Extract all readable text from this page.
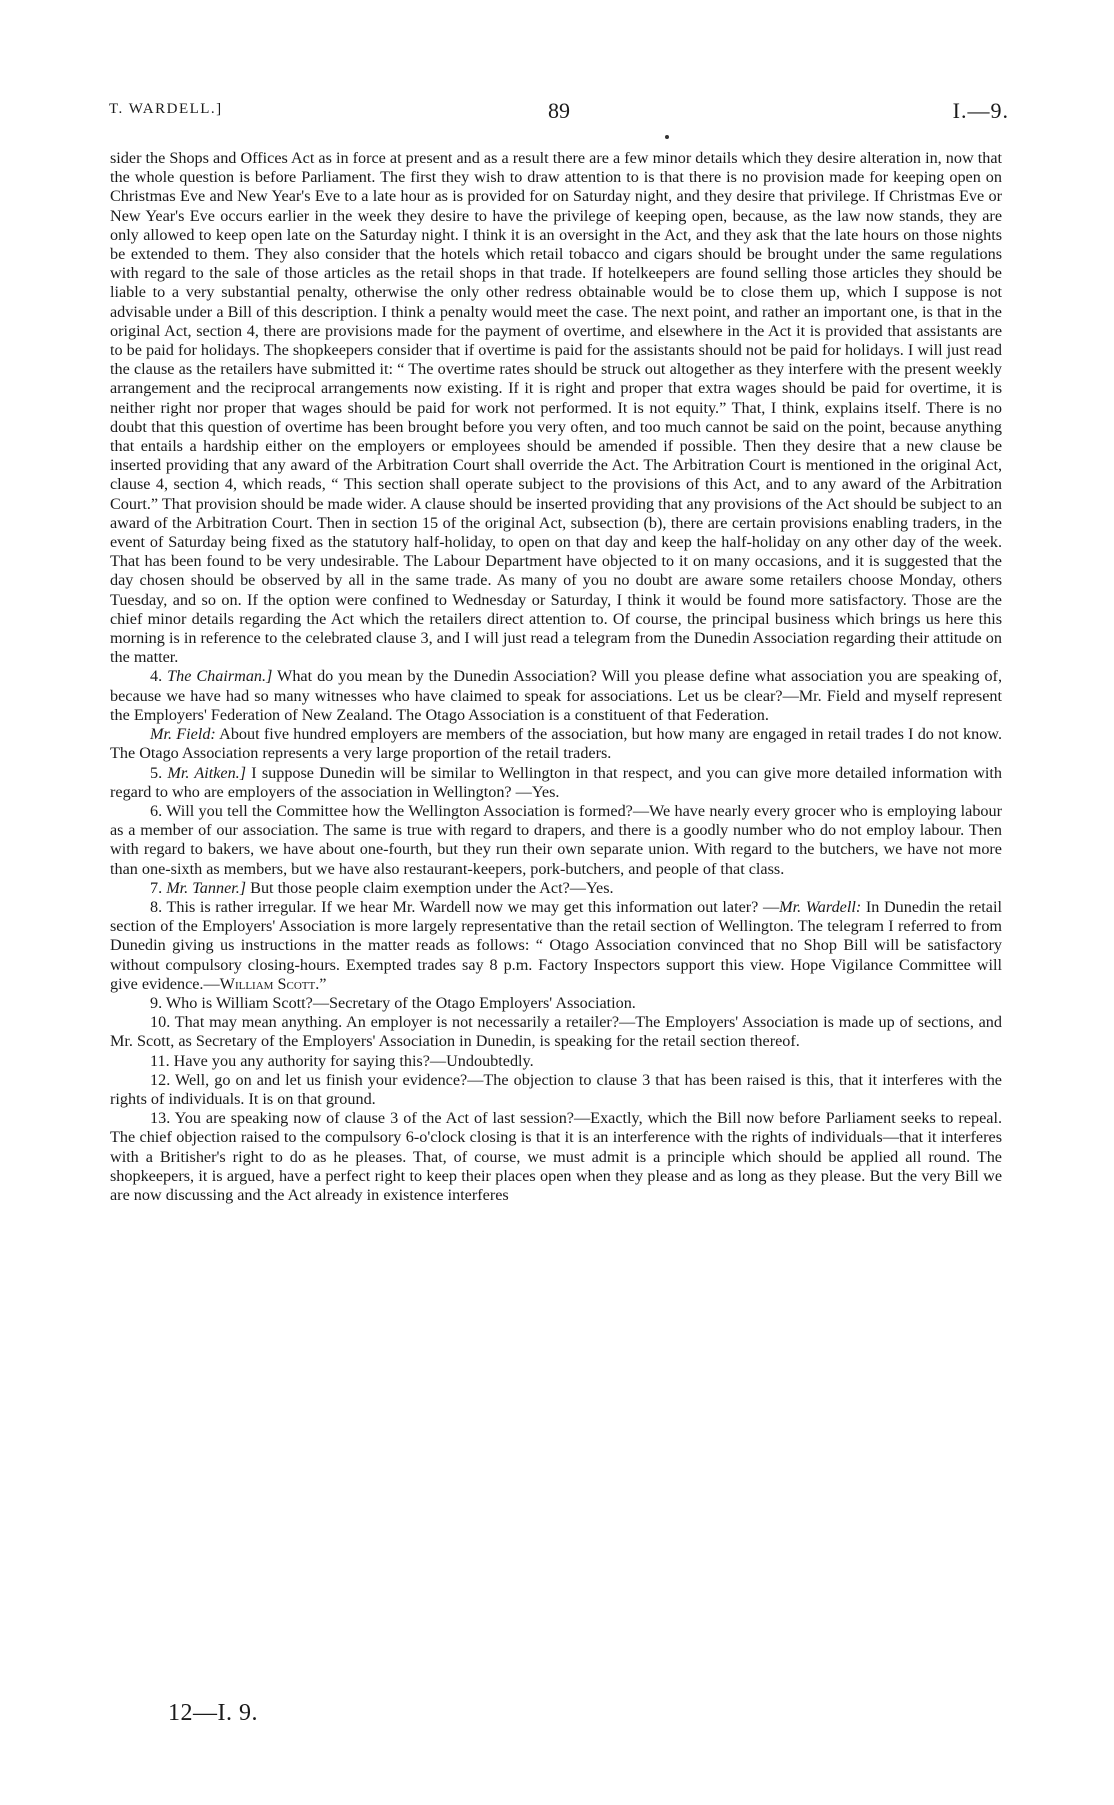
T. WARDELL.]	89	I.—9.

sider the Shops and Offices Act as in force at present and as a result there are a few minor details which they desire alteration in, now that the whole question is before Parliament. The first they wish to draw attention to is that there is no provision made for keeping open on Christmas Eve and New Year's Eve to a late hour as is provided for on Saturday night, and they desire that privilege. If Christmas Eve or New Year's Eve occurs earlier in the week they desire to have the privilege of keeping open, because, as the law now stands, they are only allowed to keep open late on the Saturday night. I think it is an oversight in the Act, and they ask that the late hours on those nights be extended to them. They also consider that the hotels which retail tobacco and cigars should be brought under the same regulations with regard to the sale of those articles as the retail shops in that trade. If hotelkeepers are found selling those articles they should be liable to a very substantial penalty, otherwise the only other redress obtainable would be to close them up, which I suppose is not advisable under a Bill of this description. I think a penalty would meet the case. The next point, and rather an important one, is that in the original Act, section 4, there are provisions made for the payment of overtime, and elsewhere in the Act it is provided that assistants are to be paid for holidays. The shopkeepers consider that if overtime is paid for the assistants should not be paid for holidays. I will just read the clause as the retailers have submitted it: “ The overtime rates should be struck out altogether as they interfere with the present weekly arrangement and the reciprocal arrangements now existing. If it is right and proper that extra wages should be paid for overtime, it is neither right nor proper that wages should be paid for work not performed. It is not equity.” That, I think, explains itself. There is no doubt that this question of overtime has been brought before you very often, and too much cannot be said on the point, because anything that entails a hardship either on the employers or employees should be amended if possible. Then they desire that a new clause be inserted providing that any award of the Arbitration Court shall override the Act. The Arbitration Court is mentioned in the original Act, clause 4, section 4, which reads, “ This section shall operate subject to the provisions of this Act, and to any award of the Arbitration Court.” That provision should be made wider. A clause should be inserted providing that any provisions of the Act should be subject to an award of the Arbitration Court. Then in section 15 of the original Act, subsection (b), there are certain provisions enabling traders, in the event of Saturday being fixed as the statutory half-holiday, to open on that day and keep the half-holiday on any other day of the week. That has been found to be very undesirable. The Labour Department have objected to it on many occasions, and it is suggested that the day chosen should be observed by all in the same trade. As many of you no doubt are aware some retailers choose Monday, others Tuesday, and so on. If the option were confined to Wednesday or Saturday, I think it would be found more satisfactory. Those are the chief minor details regarding the Act which the retailers direct attention to. Of course, the principal business which brings us here this morning is in reference to the celebrated clause 3, and I will just read a telegram from the Dunedin Association regarding their attitude on the matter.

4. The Chairman.] What do you mean by the Dunedin Association? Will you please define what association you are speaking of, because we have had so many witnesses who have claimed to speak for associations. Let us be clear?—Mr. Field and myself represent the Employers' Federation of New Zealand. The Otago Association is a constituent of that Federation.

Mr. Field: About five hundred employers are members of the association, but how many are engaged in retail trades I do not know. The Otago Association represents a very large proportion of the retail traders.

5. Mr. Aitken.] I suppose Dunedin will be similar to Wellington in that respect, and you can give more detailed information with regard to who are employers of the association in Wellington? —Yes.

6. Will you tell the Committee how the Wellington Association is formed?—We have nearly every grocer who is employing labour as a member of our association. The same is true with regard to drapers, and there is a goodly number who do not employ labour. Then with regard to bakers, we have about one-fourth, but they run their own separate union. With regard to the butchers, we have not more than one-sixth as members, but we have also restaurant-keepers, pork-butchers, and people of that class.

7. Mr. Tanner.] But those people claim exemption under the Act?—Yes.

8. This is rather irregular. If we hear Mr. Wardell now we may get this information out later? —Mr. Wardell: In Dunedin the retail section of the Employers' Association is more largely representative than the retail section of Wellington. The telegram I referred to from Dunedin giving us instructions in the matter reads as follows: “ Otago Association convinced that no Shop Bill will be satisfactory without compulsory closing-hours. Exempted trades say 8 p.m. Factory Inspectors support this view. Hope Vigilance Committee will give evidence.—William Scott.”

9. Who is William Scott?—Secretary of the Otago Employers' Association.

10. That may mean anything. An employer is not necessarily a retailer?—The Employers' Association is made up of sections, and Mr. Scott, as Secretary of the Employers' Association in Dunedin, is speaking for the retail section thereof.

11. Have you any authority for saying this?—Undoubtedly.

12. Well, go on and let us finish your evidence?—The objection to clause 3 that has been raised is this, that it interferes with the rights of individuals. It is on that ground.

13. You are speaking now of clause 3 of the Act of last session?—Exactly, which the Bill now before Parliament seeks to repeal. The chief objection raised to the compulsory 6-o'clock closing is that it is an interference with the rights of individuals—that it interferes with a Britisher's right to do as he pleases. That, of course, we must admit is a principle which should be applied all round. The shopkeepers, it is argued, have a perfect right to keep their places open when they please and as long as they please. But the very Bill we are now discussing and the Act already in existence interferes

12—I. 9.
